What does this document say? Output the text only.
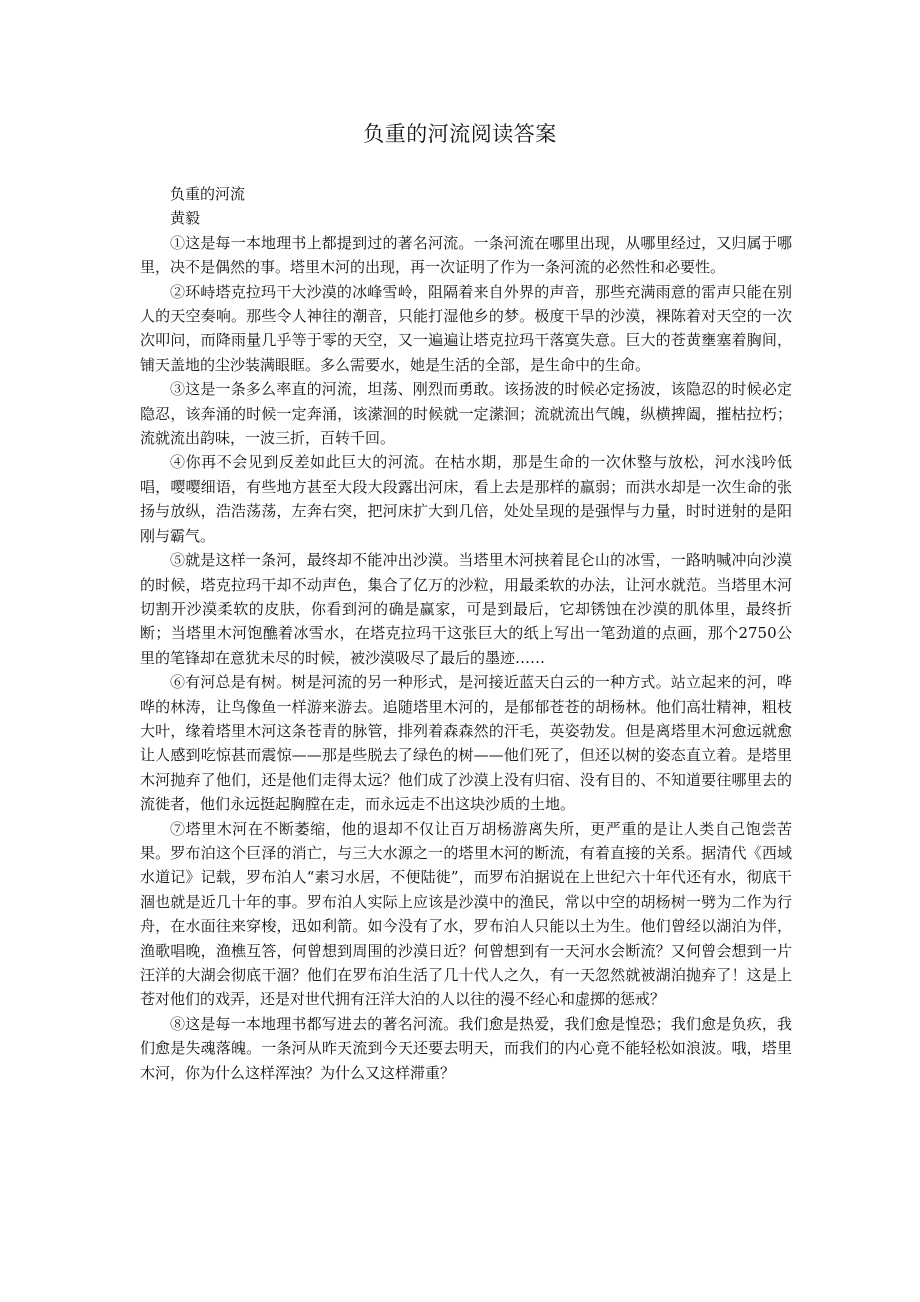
负重的河流阅读答案

负重的河流

黄毅

①这是每一本地理书上都提到过的著名河流。一条河流在哪里出现，从哪里经过，又归属于哪里，决不是偶然的事。塔里木河的出现，再一次证明了作为一条河流的必然性和必要性。

②环峙塔克拉玛干大沙漠的冰峰雪岭，阻隔着来自外界的声音，那些充满雨意的雷声只能在别人的天空奏响。那些令人神往的潮音，只能打湿他乡的梦。极度干旱的沙漠，裸陈着对天空的一次次叩问，而降雨量几乎等于零的天空，又一遍遍让塔克拉玛干落寞失意。巨大的苍黄壅塞着胸间，铺天盖地的尘沙装满眼眶。多么需要水，她是生活的全部，是生命中的生命。

③这是一条多么率直的河流，坦荡、刚烈而勇敢。该扬波的时候必定扬波，该隐忍的时候必定隐忍，该奔涌的时候一定奔涌，该潆洄的时候就一定潆洄；流就流出气魄，纵横捭阖，摧枯拉朽；流就流出韵味，一波三折，百转千回。

④你再不会见到反差如此巨大的河流。在枯水期，那是生命的一次休整与放松，河水浅吟低唱，嘤嘤细语，有些地方甚至大段大段露出河床，看上去是那样的羸弱；而洪水却是一次生命的张扬与放纵，浩浩荡荡，左奔右突，把河床扩大到几倍，处处呈现的是强悍与力量，时时迸射的是阳刚与霸气。

⑤就是这样一条河，最终却不能冲出沙漠。当塔里木河挟着昆仑山的冰雪，一路呐喊冲向沙漠的时候，塔克拉玛干却不动声色，集合了亿万的沙粒，用最柔软的办法，让河水就范。当塔里木河切割开沙漠柔软的皮肤，你看到河的确是赢家，可是到最后，它却锈蚀在沙漠的肌体里，最终折断；当塔里木河饱醮着冰雪水，在塔克拉玛干这张巨大的纸上写出一笔劲道的点画，那个2750公里的笔锋却在意犹未尽的时候，被沙漠吸尽了最后的墨迹……

⑥有河总是有树。树是河流的另一种形式，是河接近蓝天白云的一种方式。站立起来的河，哗哗的林涛，让鸟像鱼一样游来游去。追随塔里木河的，是郁郁苍苍的胡杨林。他们高壮精神，粗枝大叶，缘着塔里木河这条苍青的脉管，排列着森森然的汗毛，英姿勃发。但是离塔里木河愈远就愈让人感到吃惊甚而震惊——那是些脱去了绿色的树——他们死了，但还以树的姿态直立着。是塔里木河抛弃了他们，还是他们走得太远？他们成了沙漠上没有归宿、没有目的、不知道要往哪里去的流徙者，他们永远挺起胸膛在走，而永远走不出这块沙质的土地。

⑦塔里木河在不断萎缩，他的退却不仅让百万胡杨游离失所，更严重的是让人类自己饱尝苦果。罗布泊这个巨泽的消亡，与三大水源之一的塔里木河的断流，有着直接的关系。据清代《西域水道记》记载，罗布泊人“素习水居，不便陆徙”，而罗布泊据说在上世纪六十年代还有水，彻底干涸也就是近几十年的事。罗布泊人实际上应该是沙漠中的渔民，常以中空的胡杨树一劈为二作为行舟，在水面往来穿梭，迅如利箭。如今没有了水，罗布泊人只能以土为生。他们曾经以湖泊为伴，渔歌唱晚，渔樵互答，何曾想到周围的沙漠日近？何曾想到有一天河水会断流？又何曾会想到一片汪洋的大湖会彻底干涸？他们在罗布泊生活了几十代人之久，有一天忽然就被湖泊抛弃了！这是上苍对他们的戏弄，还是对世代拥有汪洋大泊的人以往的漫不经心和虚掷的惩戒？

⑧这是每一本地理书都写进去的著名河流。我们愈是热爱，我们愈是惶恐；我们愈是负疚，我们愈是失魂落魄。一条河从昨天流到今天还要去明天，而我们的内心竟不能轻松如浪波。哦，塔里木河，你为什么这样浑浊？为什么又这样滞重？
